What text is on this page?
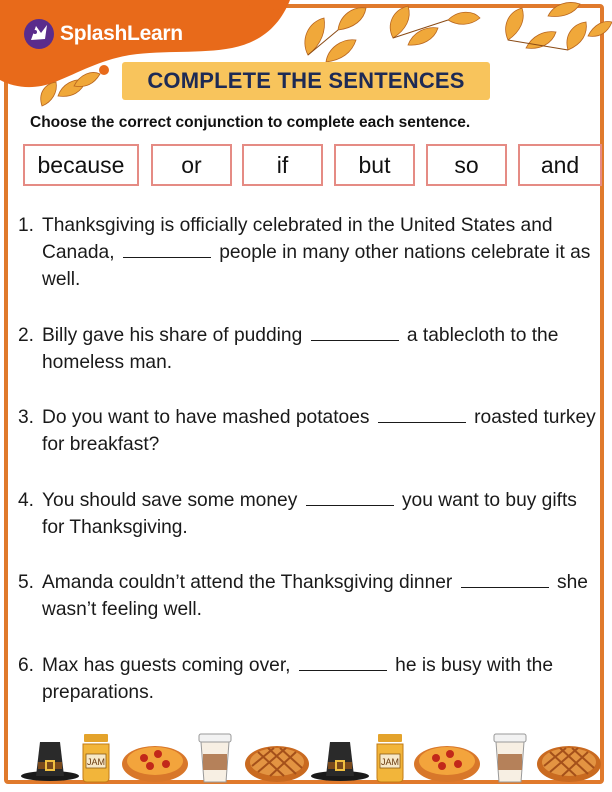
SplashLearn
COMPLETE THE SENTENCES
Choose the correct conjunction to complete each sentence.
because	or	if	but	so	and
1. Thanksgiving is officially celebrated in the United States and Canada,	people in many other nations celebrate it as well.
2. Billy gave his share of pudding	a tablecloth to the homeless man.
3. Do you want to have mashed potatoes	roasted turkey for breakfast?
4. You should save some money	you want to buy gifts for Thanksgiving.
5. Amanda couldn’t attend the Thanksgiving dinner	she wasn’t feeling well.
6. Max has guests coming over,	he is busy with the preparations.
JAM	JAM
